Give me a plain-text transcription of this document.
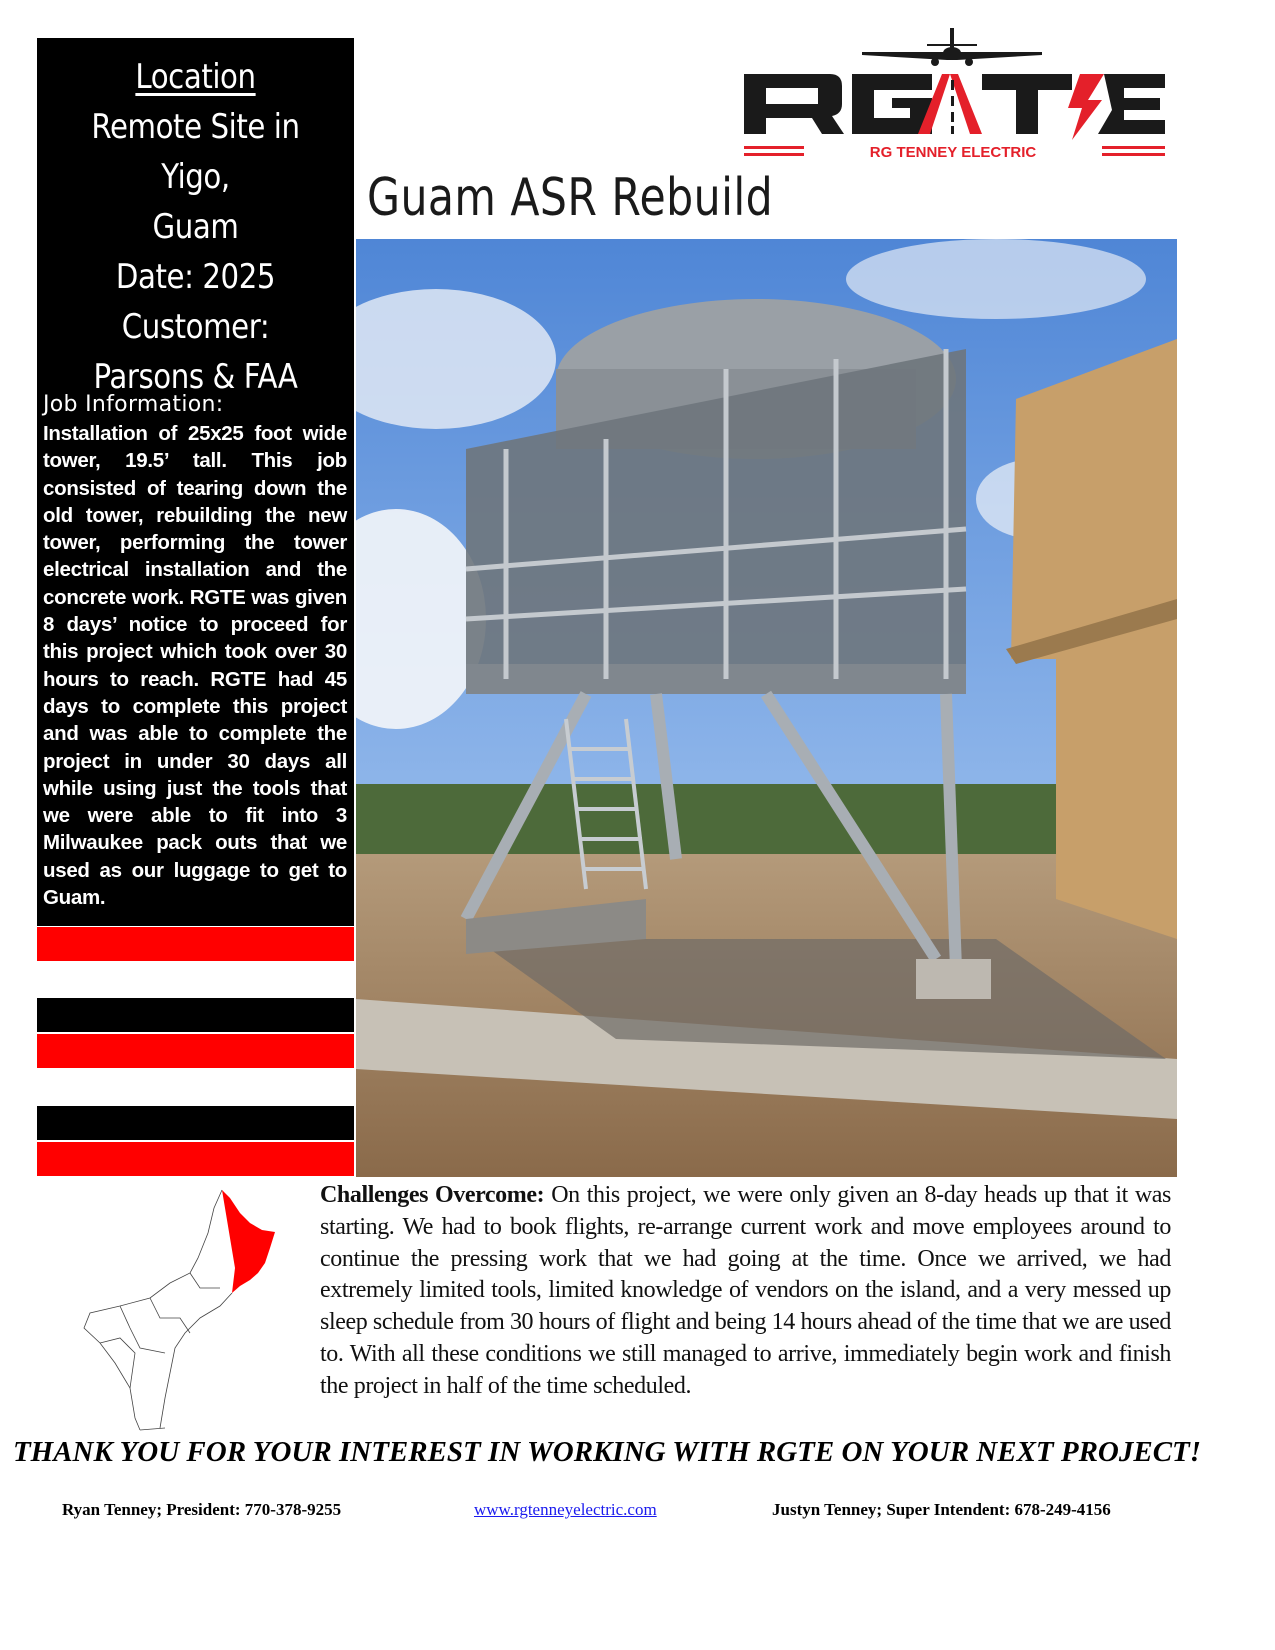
Location
Remote Site in Yigo,
Guam
Date: 2025
Customer:
Parsons & FAA
Job Information:
Installation of 25x25 foot wide tower, 19.5’ tall. This job consisted of tearing down the old tower, rebuilding the new tower, performing the tower electrical installation and the concrete work. RGTE was given 8 days’ notice to proceed for this project which took over 30 hours to reach. RGTE had 45 days to complete this project and was able to complete the project in under 30 days all while using just the tools that we were able to fit into 3 Milwaukee pack outs that we used as our luggage to get to Guam.
RG TENNEY ELECTRIC
Guam ASR Rebuild
Challenges Overcome: On this project, we were only given an 8-day heads up that it was starting. We had to book flights, re-arrange current work and move employees around to continue the pressing work that we had going at the time. Once we arrived, we had extremely limited tools, limited knowledge of vendors on the island, and a very messed up sleep schedule from 30 hours of flight and being 14 hours ahead of the time that we are used to. With all these conditions we still managed to arrive, immediately begin work and finish the project in half of the time scheduled.
THANK YOU FOR YOUR INTEREST IN WORKING WITH RGTE ON YOUR NEXT PROJECT!
Ryan Tenney; President: 770-378-9255	www.rgtenneyelectric.com	Justyn Tenney; Super Intendent: 678-249-4156
